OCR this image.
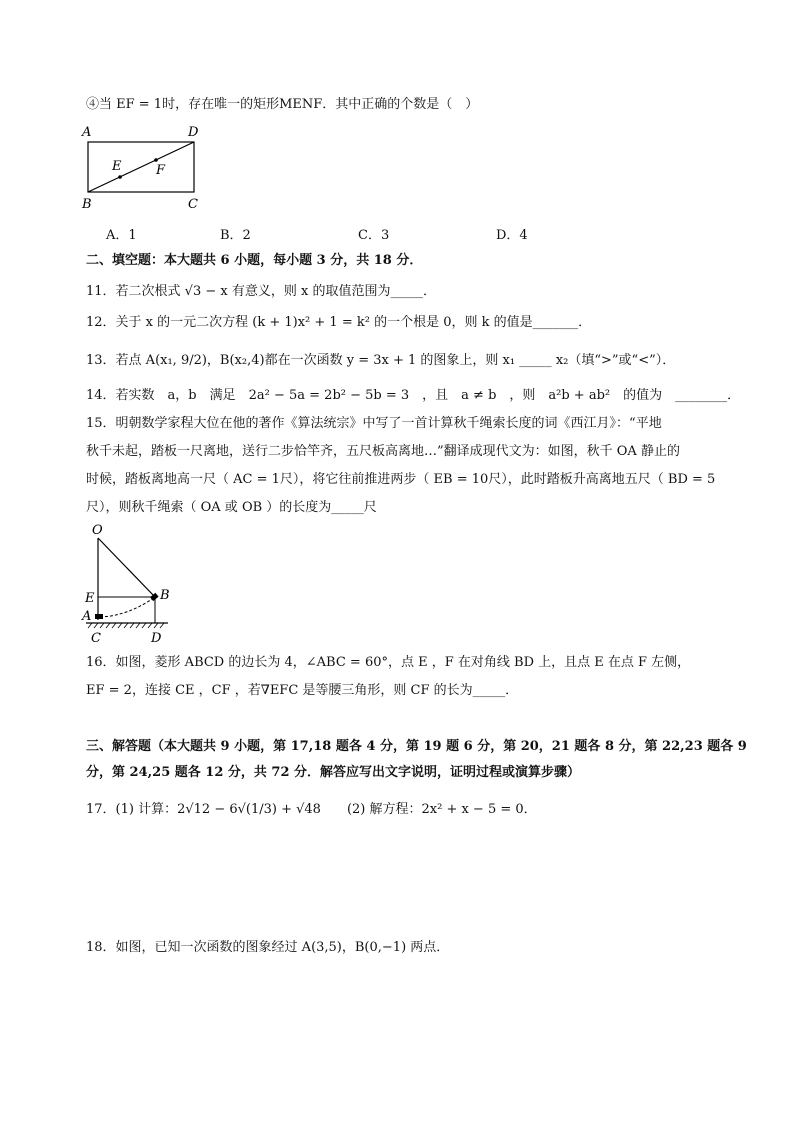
④当 EF = 1时，存在唯一的矩形MENF．其中正确的个数是（　）
A	D
B	C
E	F
A．1	B．2	C．3	D．4
二、填空题：本大题共 6 小题，每小题 3 分，共 18 分．
11．若二次根式 √3 − x 有意义，则 x 的取值范围为_____．
12．关于 x 的一元二次方程 (k + 1)x² + 1 = k² 的一个根是 0，则 k 的值是_______．
13．若点 A(x₁, 9/2)，B(x₂,4)都在一次函数 y = 3x + 1 的图象上，则 x₁ _____ x₂（填“>”或“<”）．
14．若实数　a，b　满足　2a² − 5a = 2b² − 5b = 3　，且　a ≠ b　，则　a²b + ab²　的值为　________．
15．明朝数学家程大位在他的著作《算法统宗》中写了一首计算秋千绳索长度的词《西江月》：“平地
秋千未起，踏板一尺离地，送行二步恰竿齐，五尺板高离地…”翻译成现代文为：如图，秋千 OA 静止的
时候，踏板离地高一尺（ AC = 1尺），将它往前推进两步（ EB = 10尺），此时踏板升高离地五尺（ BD = 5
尺），则秋千绳索（ OA 或 OB ）的长度为_____尺
O
E
A
B
C	D
16．如图，菱形 ABCD 的边长为 4，∠ABC = 60°，点 E ，F 在对角线 BD 上，且点 E 在点 F 左侧，
EF = 2，连接 CE ，CF ，若∇EFC 是等腰三角形，则 CF 的长为_____．
三、解答题（本大题共 9 小题，第 17,18 题各 4 分，第 19 题 6 分，第 20，21 题各 8 分，第 22,23 题各 9
分，第 24,25 题各 12 分，共 72 分．解答应写出文字说明，证明过程或演算步骤）
17．(1) 计算：2√12 − 6√(1/3) + √48　　(2) 解方程：2x² + x − 5 = 0．
18．如图，已知一次函数的图象经过 A(3,5)，B(0,−1) 两点．
